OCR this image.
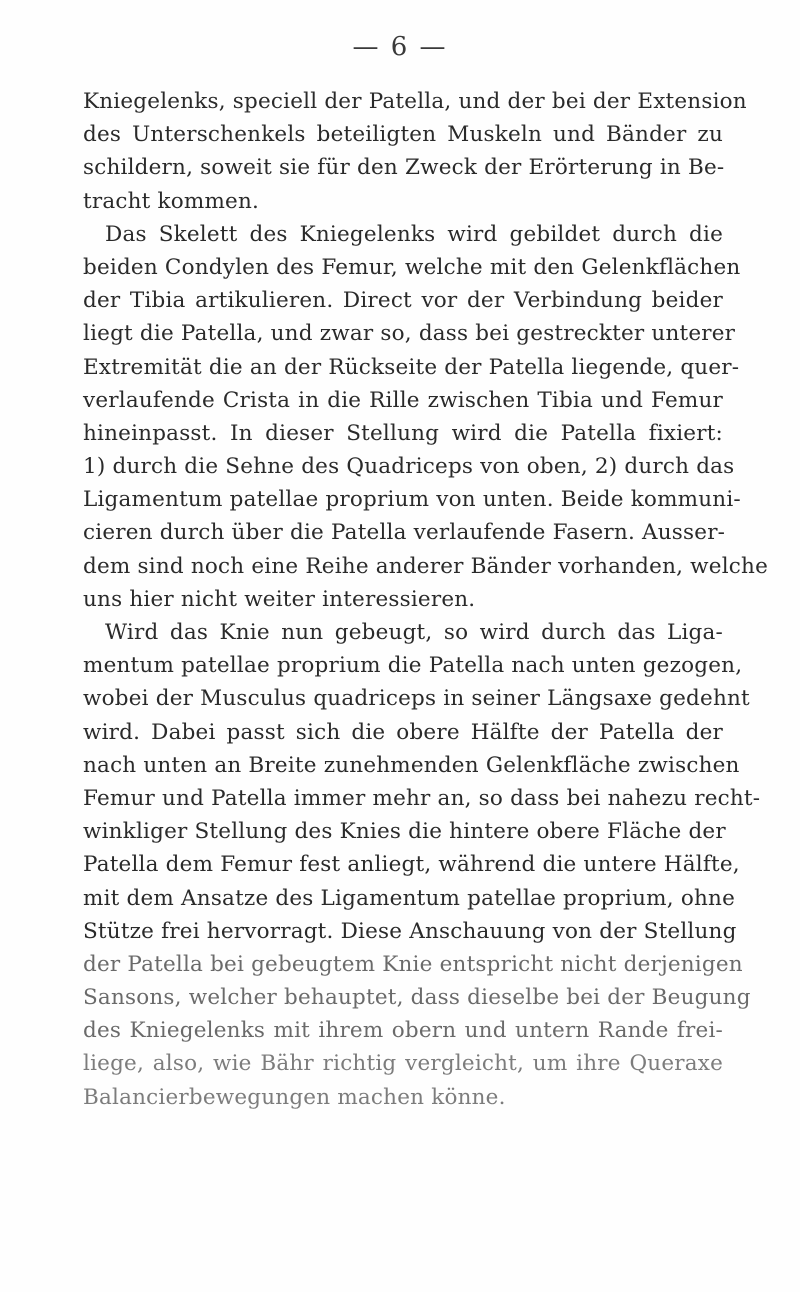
— 6 —
Kniegelenks, speciell der Patella, und der bei der Extension
des Unterschenkels beteiligten Muskeln und Bänder zu
schildern, soweit sie für den Zweck der Erörterung in Be-
tracht kommen.
Das Skelett des Kniegelenks wird gebildet durch die
beiden Condylen des Femur, welche mit den Gelenkflächen
der Tibia artikulieren. Direct vor der Verbindung beider
liegt die Patella, und zwar so, dass bei gestreckter unterer
Extremität die an der Rückseite der Patella liegende, quer-
verlaufende Crista in die Rille zwischen Tibia und Femur
hineinpasst. In dieser Stellung wird die Patella fixiert:
1) durch die Sehne des Quadriceps von oben, 2) durch das
Ligamentum patellae proprium von unten. Beide kommuni-
cieren durch über die Patella verlaufende Fasern. Ausser-
dem sind noch eine Reihe anderer Bänder vorhanden, welche
uns hier nicht weiter interessieren.
Wird das Knie nun gebeugt, so wird durch das Liga-
mentum patellae proprium die Patella nach unten gezogen,
wobei der Musculus quadriceps in seiner Längsaxe gedehnt
wird. Dabei passt sich die obere Hälfte der Patella der
nach unten an Breite zunehmenden Gelenkfläche zwischen
Femur und Patella immer mehr an, so dass bei nahezu recht-
winkliger Stellung des Knies die hintere obere Fläche der
Patella dem Femur fest anliegt, während die untere Hälfte,
mit dem Ansatze des Ligamentum patellae proprium, ohne
Stütze frei hervorragt. Diese Anschauung von der Stellung
der Patella bei gebeugtem Knie entspricht nicht derjenigen
Sansons, welcher behauptet, dass dieselbe bei der Beugung
des Kniegelenks mit ihrem obern und untern Rande frei-
liege, also, wie Bähr richtig vergleicht, um ihre Queraxe
Balancierbewegungen machen könne.
